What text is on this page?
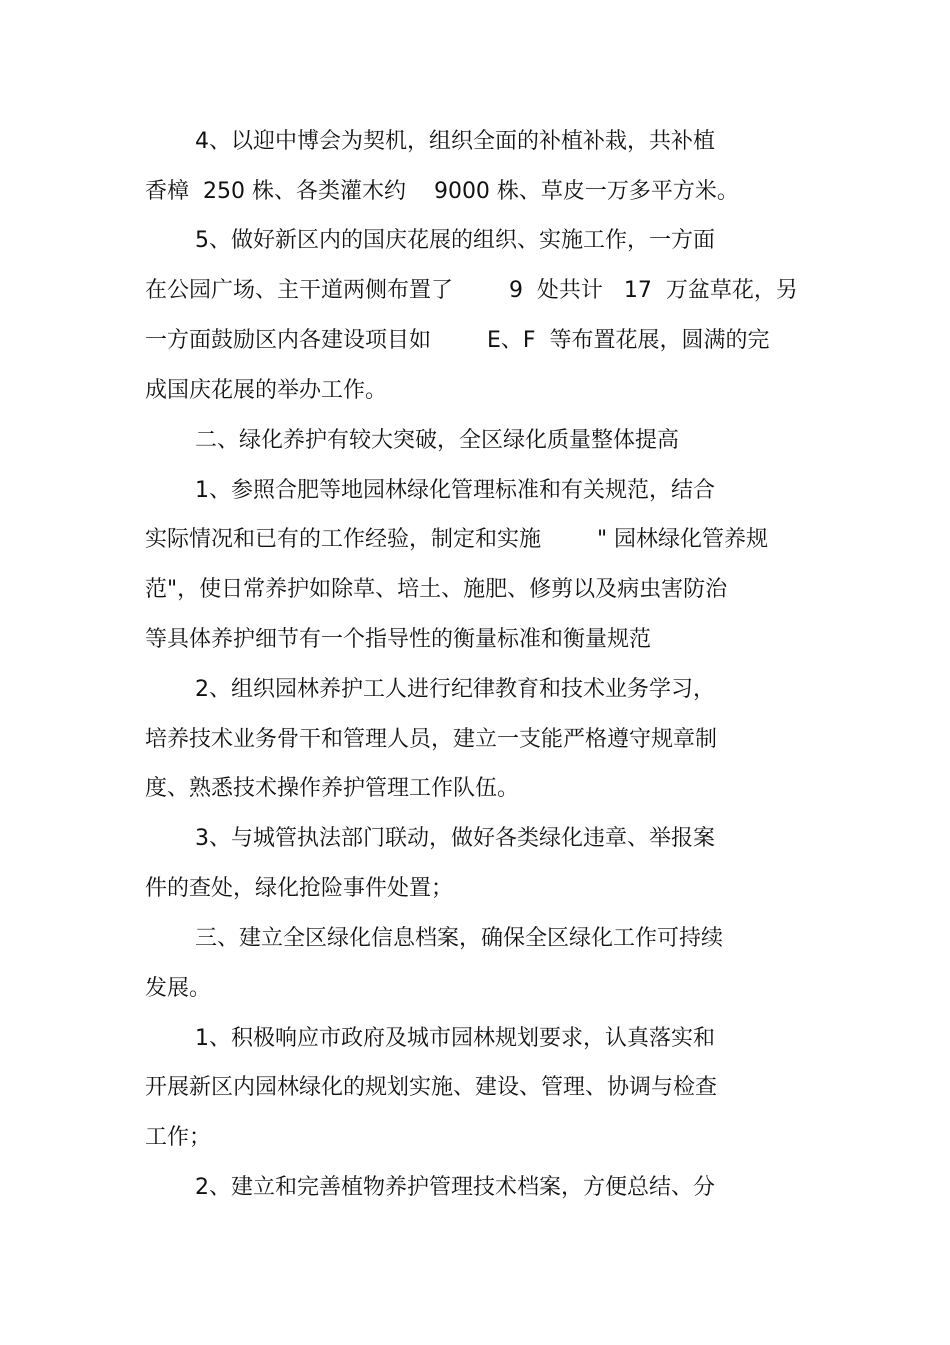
4、以迎中博会为契机，组织全面的补植补栽，共补植
香樟  250 株、各类灌木约    9000 株、草皮一万多平方米。
5、做好新区内的国庆花展的组织、实施工作，一方面
在公园广场、主干道两侧布置了        9  处共计   17  万盆草花，另
一方面鼓励区内各建设项目如        E、F  等布置花展，圆满的完
成国庆花展的举办工作。
二、绿化养护有较大突破，全区绿化质量整体提高
1、参照合肥等地园林绿化管理标准和有关规范，结合
实际情况和已有的工作经验，制定和实施        " 园林绿化管养规
范"，使日常养护如除草、培土、施肥、修剪以及病虫害防治
等具体养护细节有一个指导性的衡量标准和衡量规范
2、组织园林养护工人进行纪律教育和技术业务学习，
培养技术业务骨干和管理人员，建立一支能严格遵守规章制
度、熟悉技术操作养护管理工作队伍。
3、与城管执法部门联动，做好各类绿化违章、举报案
件的查处，绿化抢险事件处置；
三、建立全区绿化信息档案，确保全区绿化工作可持续
发展。
1、积极响应市政府及城市园林规划要求，认真落实和
开展新区内园林绿化的规划实施、建设、管理、协调与检查
工作；
2、建立和完善植物养护管理技术档案，方便总结、分
